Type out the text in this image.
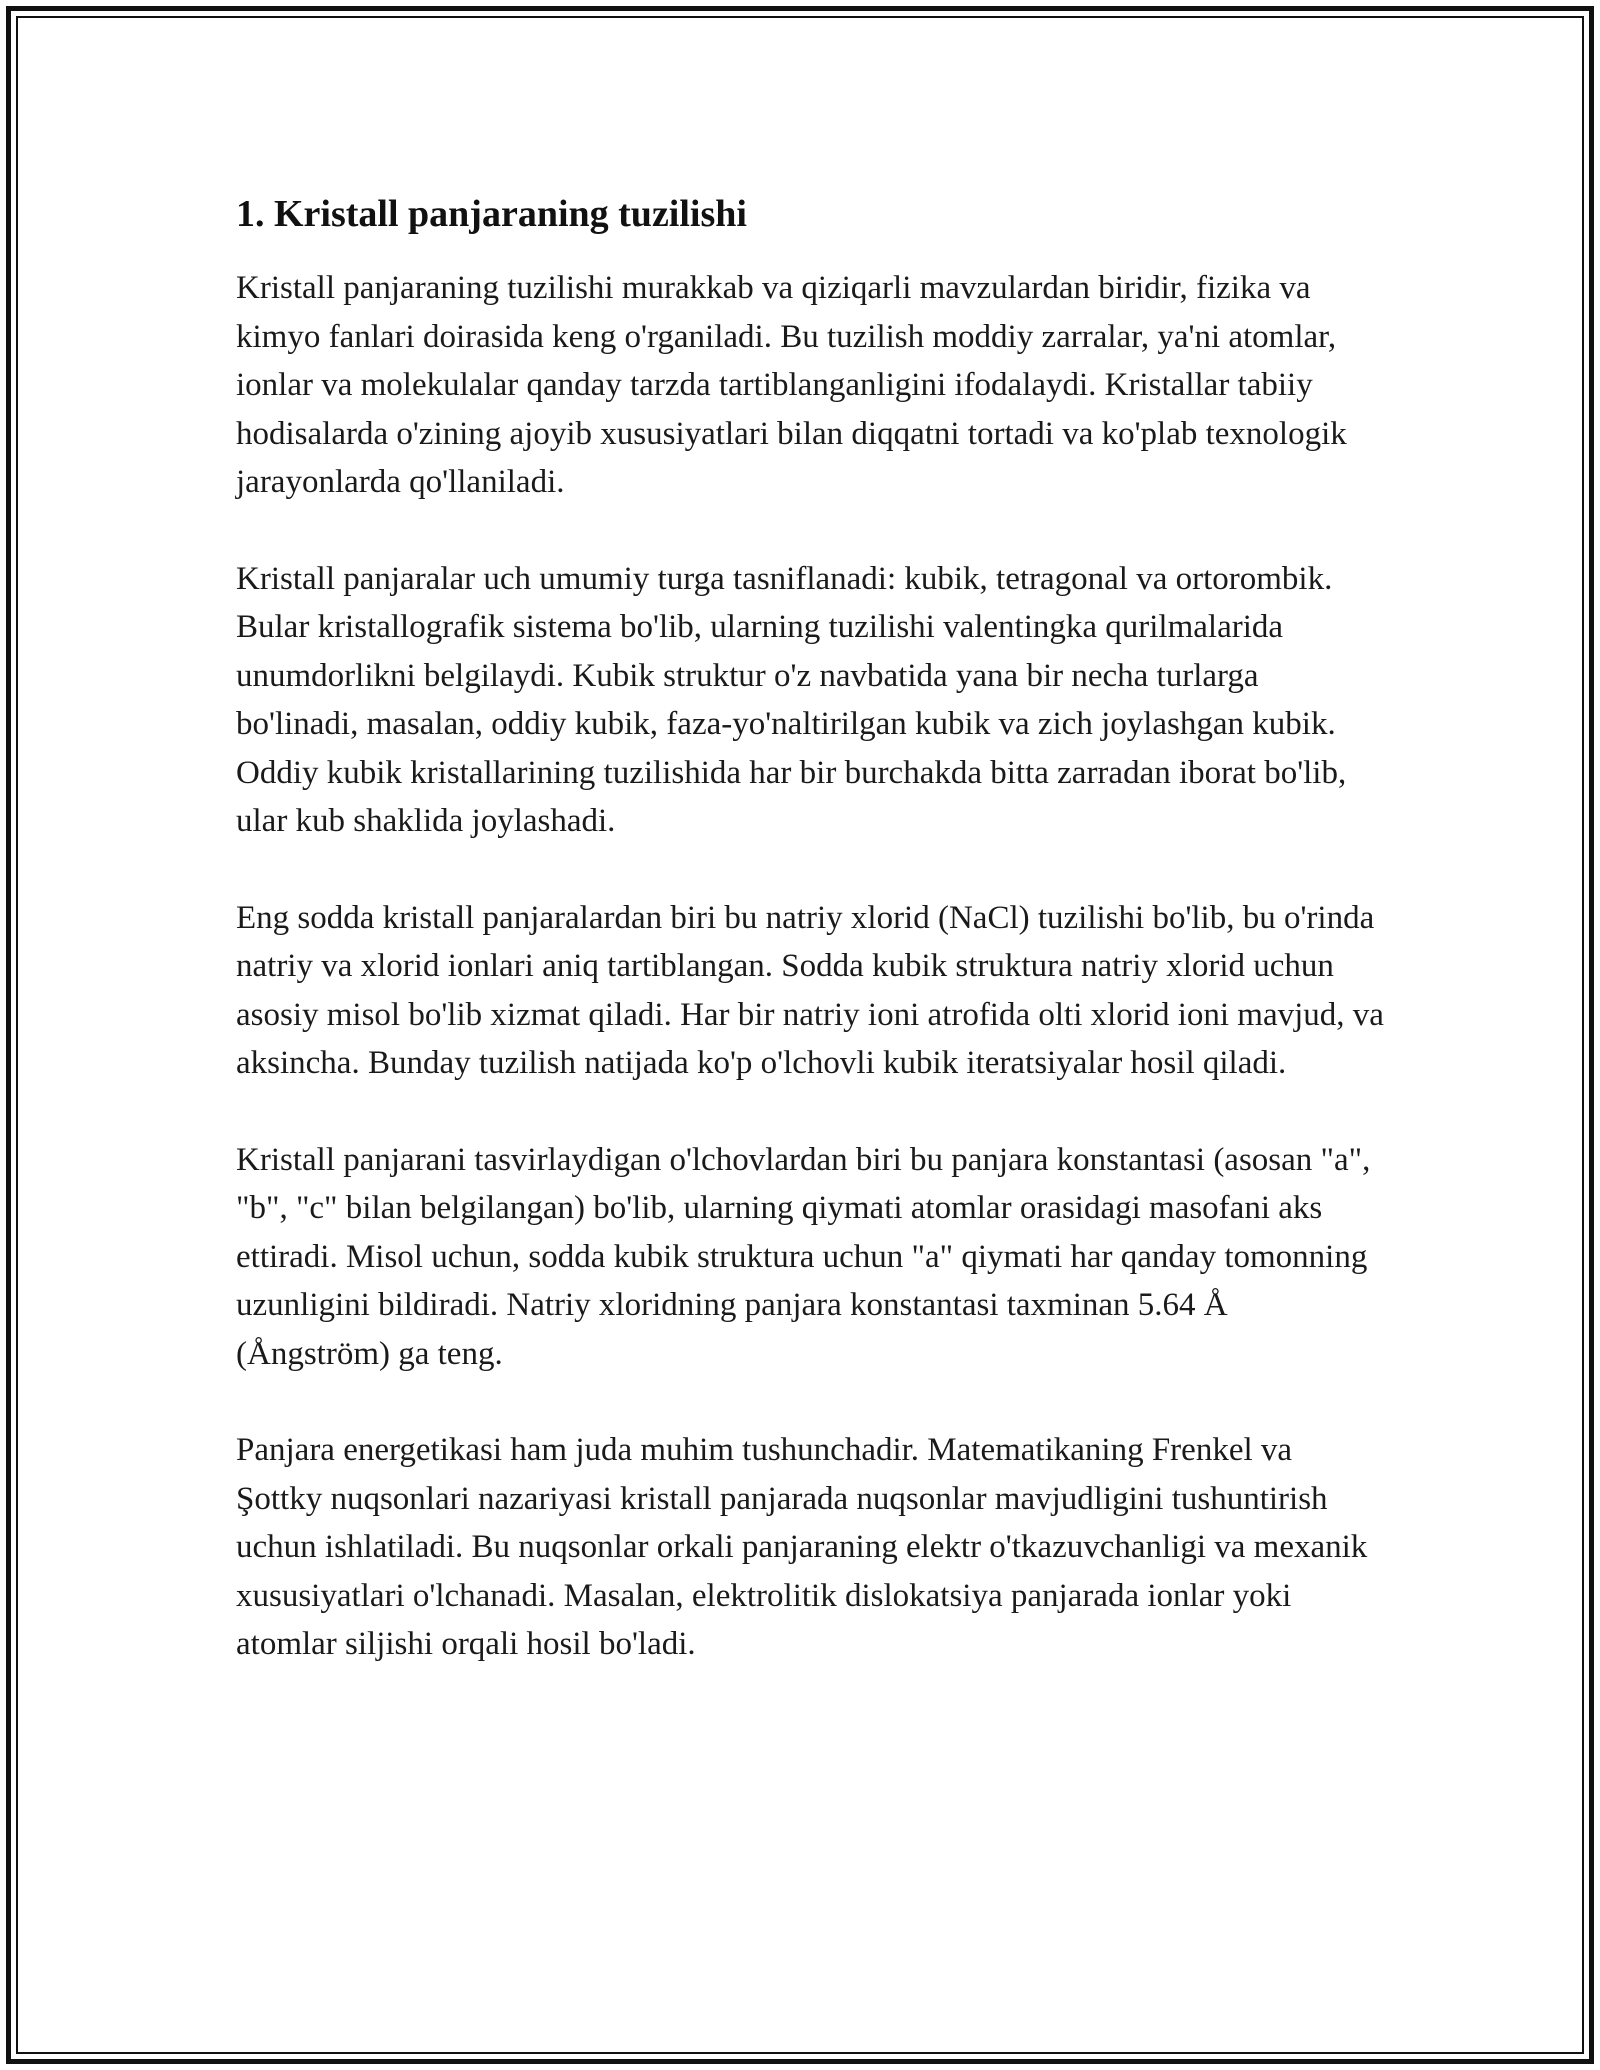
1. Kristall panjaraning tuzilishi

Kristall panjaraning tuzilishi murakkab va qiziqarli mavzulardan biridir, fizika va kimyo fanlari doirasida keng o'rganiladi. Bu tuzilish moddiy zarralar, ya'ni atomlar, ionlar va molekulalar qanday tarzda tartiblanganligini ifodalaydi. Kristallar tabiiy hodisalarda o'zining ajoyib xususiyatlari bilan diqqatni tortadi va ko'plab texnologik jarayonlarda qo'llaniladi.

Kristall panjaralar uch umumiy turga tasniflanadi: kubik, tetragonal va ortorombik. Bular kristallografik sistema bo'lib, ularning tuzilishi valentingka qurilmalarida unumdorlikni belgilaydi. Kubik struktur o'z navbatida yana bir necha turlarga bo'linadi, masalan, oddiy kubik, faza-yo'naltirilgan kubik va zich joylashgan kubik. Oddiy kubik kristallarining tuzilishida har bir burchakda bitta zarradan iborat bo'lib, ular kub shaklida joylashadi.

Eng sodda kristall panjaralardan biri bu natriy xlorid (NaCl) tuzilishi bo'lib, bu o'rinda natriy va xlorid ionlari aniq tartiblangan. Sodda kubik struktura natriy xlorid uchun asosiy misol bo'lib xizmat qiladi. Har bir natriy ioni atrofida olti xlorid ioni mavjud, va aksincha. Bunday tuzilish natijada ko'p o'lchovli kubik iteratsiyalar hosil qiladi.

Kristall panjarani tasvirlaydigan o'lchovlardan biri bu panjara konstantasi (asosan "a", "b", "c" bilan belgilangan) bo'lib, ularning qiymati atomlar orasidagi masofani aks ettiradi. Misol uchun, sodda kubik struktura uchun "a" qiymati har qanday tomonning uzunligini bildiradi. Natriy xloridning panjara konstantasi taxminan 5.64 Å (Ångström) ga teng.

Panjara energetikasi ham juda muhim tushunchadir. Matematikaning Frenkel va Şottky nuqsonlari nazariyasi kristall panjarada nuqsonlar mavjudligini tushuntirish uchun ishlatiladi. Bu nuqsonlar orkali panjaraning elektr o'tkazuvchanligi va mexanik xususiyatlari o'lchanadi. Masalan, elektrolitik dislokatsiya panjarada ionlar yoki atomlar siljishi orqali hosil bo'ladi.
